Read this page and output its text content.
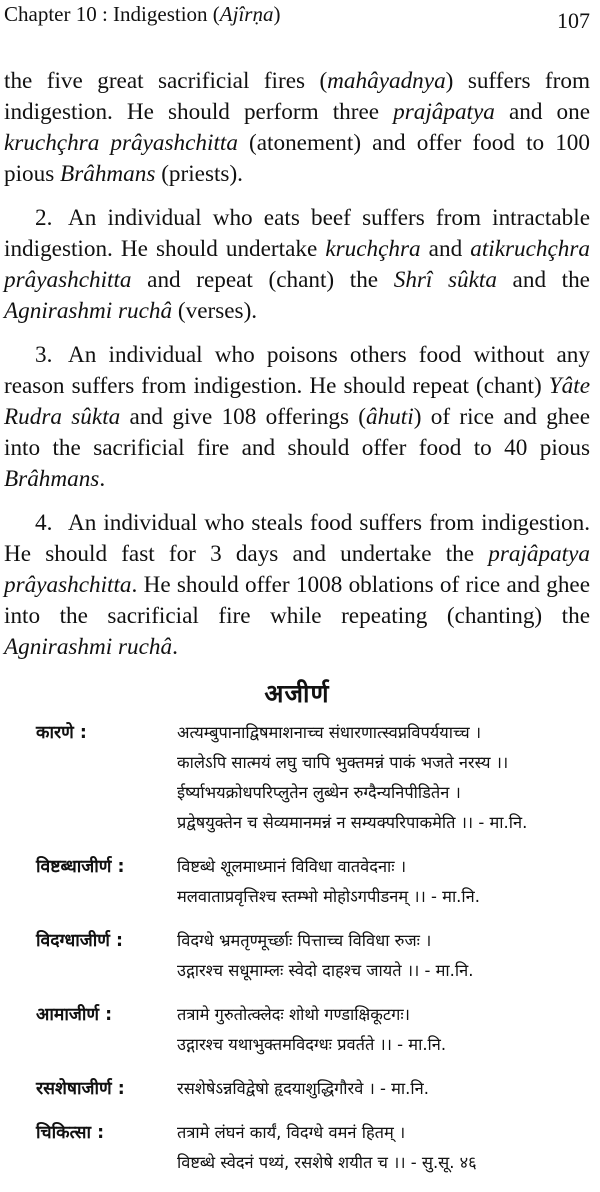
Chapter 10 : Indigestion (Ajîrṇa)	107

the five great sacrificial fires (mahâyadnya) suffers from indigestion. He should perform three prajâpatya and one kruchçhra prâyashchitta (atonement) and offer food to 100 pious Brâhmans (priests).

2. An individual who eats beef suffers from intractable indigestion. He should undertake kruchçhra and atikruchçhra prâyashchitta and repeat (chant) the Shrî sûkta and the Agnirashmi ruchâ (verses).

3. An individual who poisons others food without any reason suffers from indigestion. He should repeat (chant) Yâte Rudra sûkta and give 108 offerings (âhuti) of rice and ghee into the sacrificial fire and should offer food to 40 pious Brâhmans.

4. An individual who steals food suffers from indigestion. He should fast for 3 days and undertake the prajâpatya prâyashchitta. He should offer 1008 oblations of rice and ghee into the sacrificial fire while repeating (chanting) the Agnirashmi ruchâ.

अजीर्ण
कारणे :	अत्यम्बुपानाद्विषमाशनाच्च संधारणात्स्वप्नविपर्ययाच्च ।
कालेऽपि सात्मयं लघु चापि भुक्तमन्नं पाकं भजते नरस्य ।।
ईर्ष्याभयक्रोधपरिप्लुतेन लुब्धेन रुग्दैन्यनिपीडितेन ।
प्रद्वेषयुक्तेन च सेव्यमानमन्नं न सम्यक्परिपाकमेति ।। - मा.नि.
विष्टब्धाजीर्ण :	विष्टब्धे शूलमाध्मानं विविधा वातवेदनाः ।
मलवाताप्रवृत्तिश्च स्तम्भो मोहोऽगपीडनम् ।। - मा.नि.
विदग्धाजीर्ण :	विदग्धे भ्रमतृण्मूर्च्छाः पित्ताच्च विविधा रुजः ।
उद्गारश्च सधूमाम्लः स्वेदो दाहश्च जायते ।। - मा.नि.
आमाजीर्ण :	तत्रामे गुरुतोत्क्लेदः शोथो गण्डाक्षिकूटगः।
उद्गारश्च यथाभुक्तमविदग्धः प्रवर्तते ।। - मा.नि.
रसशेषाजीर्ण :	रसशेषेऽन्नविद्वेषो हृदयाशुद्धिगौरवे । - मा.नि.
चिकित्सा :	तत्रामे लंघनं कार्यं, विदग्धे वमनं हितम् ।
विष्टब्धे स्वेदनं पथ्यं, रसशेषे शयीत च ।। - सु.सू. ४६
